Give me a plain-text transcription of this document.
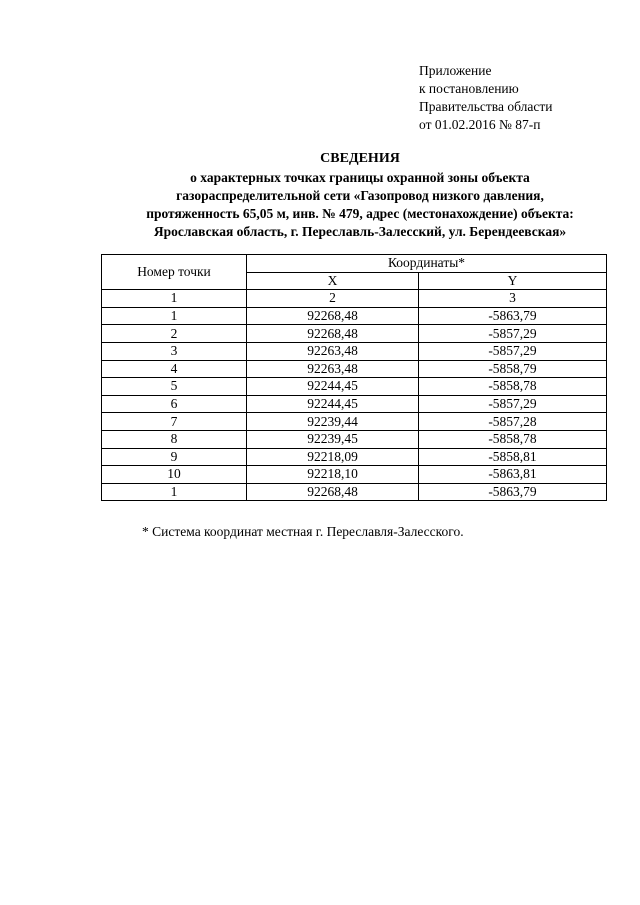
Приложение
к постановлению
Правительства области
от 01.02.2016 № 87-п
СВЕДЕНИЯ
о характерных точках границы охранной зоны объекта
газораспределительной сети «Газопровод низкого давления,
протяженность 65,05 м, инв. № 479, адрес (местонахождение) объекта:
Ярославская область, г. Переславль-Залесский, ул. Берендеевская»
Номер точки	Координаты*	
	X	Y
1	2	3
1	92268,48	-5863,79
2	92268,48	-5857,29
3	92263,48	-5857,29
4	92263,48	-5858,79
5	92244,45	-5858,78
6	92244,45	-5857,29
7	92239,44	-5857,28
8	92239,45	-5858,78
9	92218,09	-5858,81
10	92218,10	-5863,81
1	92268,48	-5863,79
* Система координат местная г. Переславля-Залесского.
